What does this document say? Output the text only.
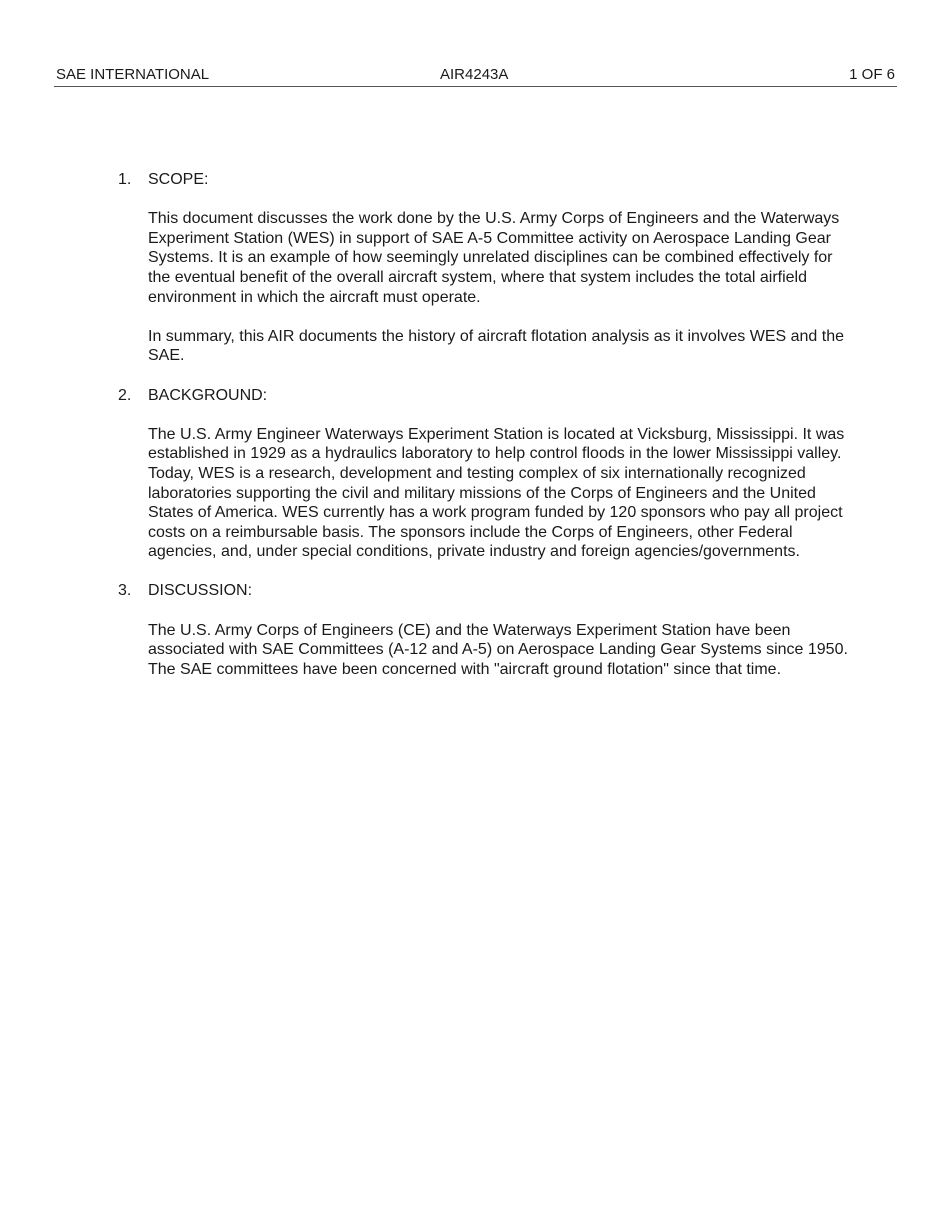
SAE INTERNATIONAL	AIR4243A	1 OF 6
1. SCOPE:

This document discusses the work done by the U.S. Army Corps of Engineers and the Waterways Experiment Station (WES) in support of SAE A-5 Committee activity on Aerospace Landing Gear Systems. It is an example of how seemingly unrelated disciplines can be combined effectively for the eventual benefit of the overall aircraft system, where that system includes the total airfield environment in which the aircraft must operate.

In summary, this AIR documents the history of aircraft flotation analysis as it involves WES and the SAE.

2. BACKGROUND:

The U.S. Army Engineer Waterways Experiment Station is located at Vicksburg, Mississippi. It was established in 1929 as a hydraulics laboratory to help control floods in the lower Mississippi valley. Today, WES is a research, development and testing complex of six internationally recognized laboratories supporting the civil and military missions of the Corps of Engineers and the United States of America. WES currently has a work program funded by 120 sponsors who pay all project costs on a reimbursable basis. The sponsors include the Corps of Engineers, other Federal agencies, and, under special conditions, private industry and foreign agencies/governments.

3. DISCUSSION:

The U.S. Army Corps of Engineers (CE) and the Waterways Experiment Station have been associated with SAE Committees (A-12 and A-5) on Aerospace Landing Gear Systems since 1950. The SAE committees have been concerned with "aircraft ground flotation" since that time.
